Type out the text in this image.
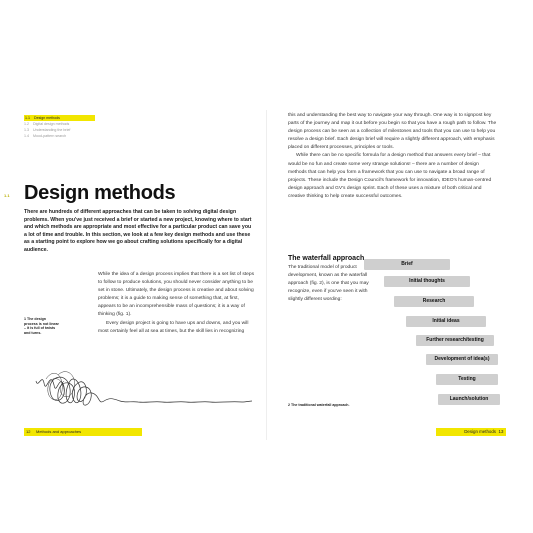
1.1 Design methods
1.2 Digital design methods
1.3 Understanding the brief
1.4 Mood-pattern search
1.1 Design methods

There are hundreds of different approaches that can be taken to solving digital design problems. When you've just received a brief or started a new project, knowing where to start and which methods are appropriate and most effective for a particular product can save you a lot of time and trouble. In this section, we look at a few key design methods and use these as a starting point to explore how we go about crafting solutions specifically for a digital audience.

While the idea of a design process implies that there is a set list of steps to follow to produce solutions, you should never consider anything to be set in stone. Ultimately, the design process is creative and about solving problems; it is a guide to making sense of something that, at first, appears to be an incomprehensible mass of questions; it is a way of thinking (fig. 1).

Every design project is going to have ups and downs, and you will most certainly feel all at sea at times, but the skill lies in recognizing

1 The design process is not linear – it is full of twists and turns.
12 Methods and approaches

this and understanding the best way to navigate your way through. One way is to signpost key parts of the journey and map it out before you begin so that you have a rough path to follow. The design process can be seen as a collection of milestones and tools that you can use to help you resolve a design brief. Each design brief will require a slightly different approach, with emphasis placed on different processes, principles or tools.

While there can be no specific formula for a design method that answers every brief – that would be no fun and create some very strange solutions! – there are a number of design methods that can help you form a framework that you can use to navigate a broad range of projects. These include the Design Council's framework for innovation, IDEO's human-centred design approach and GV's design sprint. Each of these uses a mixture of both critical and creative thinking to help create successful outcomes.

The waterfall approach

The traditional model of product development, known as the waterfall approach (fig. 2), is one that you may recognize, even if you've seen it with slightly different wording:

Brief
Initial thoughts
Research
Initial ideas
Further research/testing
Development of idea(s)
Testing
Launch/solution
2 The traditional waterfall approach.
Design methods 13
